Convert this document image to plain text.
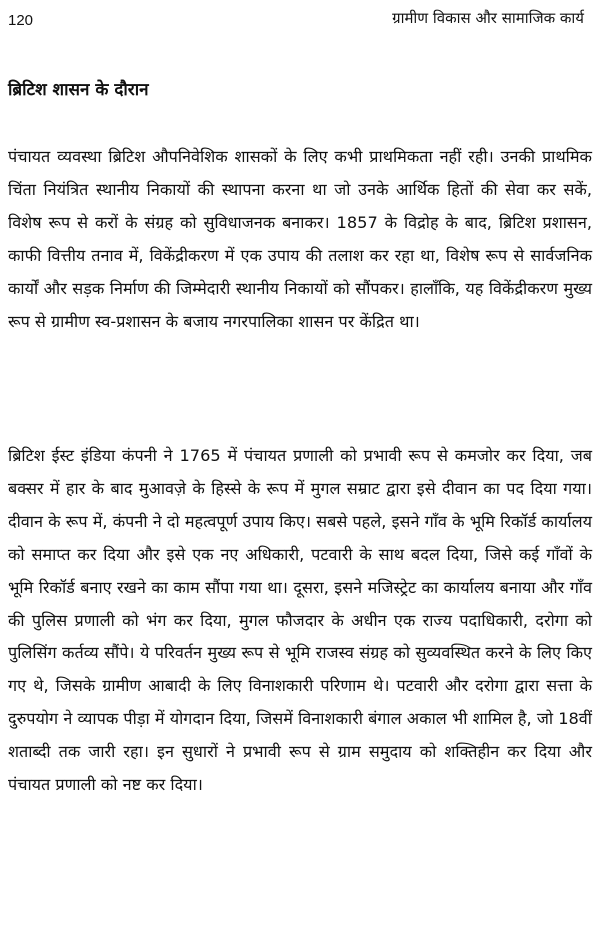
120	ग्रामीण विकास और सामाजिक कार्य
ब्रिटिश शासन के दौरान

पंचायत व्यवस्था ब्रिटिश औपनिवेशिक शासकों के लिए कभी प्राथमिकता नहीं रही। उनकी प्राथमिक चिंता नियंत्रित स्थानीय निकायों की स्थापना करना था जो उनके आर्थिक हितों की सेवा कर सकें, विशेष रूप से करों के संग्रह को सुविधाजनक बनाकर। 1857 के विद्रोह के बाद, ब्रिटिश प्रशासन, काफी वित्तीय तनाव में, विकेंद्रीकरण में एक उपाय की तलाश कर रहा था, विशेष रूप से सार्वजनिक कार्यों और सड़क निर्माण की जिम्मेदारी स्थानीय निकायों को सौंपकर। हालाँकि, यह विकेंद्रीकरण मुख्य रूप से ग्रामीण स्व-प्रशासन के बजाय नगरपालिका शासन पर केंद्रित था।

ब्रिटिश ईस्ट इंडिया कंपनी ने 1765 में पंचायत प्रणाली को प्रभावी रूप से कमजोर कर दिया, जब बक्सर में हार के बाद मुआवज़े के हिस्से के रूप में मुगल सम्राट द्वारा इसे दीवान का पद दिया गया। दीवान के रूप में, कंपनी ने दो महत्वपूर्ण उपाय किए। सबसे पहले, इसने गाँव के भूमि रिकॉर्ड कार्यालय को समाप्त कर दिया और इसे एक नए अधिकारी, पटवारी के साथ बदल दिया, जिसे कई गाँवों के भूमि रिकॉर्ड बनाए रखने का काम सौंपा गया था। दूसरा, इसने मजिस्ट्रेट का कार्यालय बनाया और गाँव की पुलिस प्रणाली को भंग कर दिया, मुगल फौजदार के अधीन एक राज्य पदाधिकारी, दरोगा को पुलिसिंग कर्तव्य सौंपे। ये परिवर्तन मुख्य रूप से भूमि राजस्व संग्रह को सुव्यवस्थित करने के लिए किए गए थे, जिसके ग्रामीण आबादी के लिए विनाशकारी परिणाम थे। पटवारी और दरोगा द्वारा सत्ता के दुरुपयोग ने व्यापक पीड़ा में योगदान दिया, जिसमें विनाशकारी बंगाल अकाल भी शामिल है, जो 18वीं शताब्दी तक जारी रहा। इन सुधारों ने प्रभावी रूप से ग्राम समुदाय को शक्तिहीन कर दिया और पंचायत प्रणाली को नष्ट कर दिया।
